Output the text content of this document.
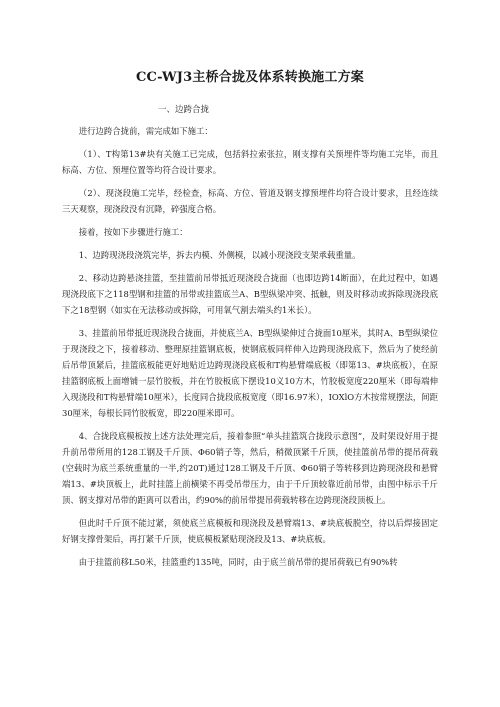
CC-WJ3主桥合拢及体系转换施工方案
一、边跨合拢

进行边跨合拢前，需完成如下施工：

（1）、T构第13#块有关施工已完成，包括斜拉索张拉，刚支撑有关预埋件等均施工完毕，而且标高、方位、预埋位置等均符合设计要求。

（2）、现浇段施工完毕，经检查，标高、方位、管道及钢支撑预埋件均符合设计要求，且经连续三天观察，现浇段没有沉降，碎强度合格。

接着，按如下步骤进行施工：

1、边跨现浇段浇筑完毕，拆去内模、外侧模，以减小现浇段支架承载重量。

2、移动边跨悬浇挂篮，至挂篮前吊带抵近现浇段合拢面（也即边跨14断面），在此过程中，如遇现浇段底下之118型钢和挂篮的吊带或挂篮底兰A、B型纵梁冲突、抵触，则及时移动或拆除现浇段底下之18型钢（如实在无法移动或拆除，可用氧气割去端头约1米长）。

3、挂篮前吊带抵近现浇段合拢面，并使底兰A、B型纵梁伸过合拢面10厘米，其时A、B型纵梁位于现浇段之下，接着移动、整理原挂篮钢底板，使钢底板同样伸入边跨现浇段底下，然后为了使经前后吊带顶紧后，挂篮底板能更好地贴近边跨现浇段底板和T构悬臂端底板（即第13、#块底板），在原挂篮钢底板上面增铺一层竹胶板，并在竹胶板底下摆设10义10方木，竹胶板宽度220厘米（即每端伸入现浇段和T构悬臂端10厘米），长度同合拢段底板宽度（即16.97米），IOXlO方木按常规摆法，间距30厘米，每根长同竹胶板宽，即220厘米即可。

4、合拢段底模板按上述方法处理完后，接着参照“单头挂篮筑合拢段示意图”，及时架设好用于提升前吊带所用的128工钢及千斤顶、Φ60销子等，然后，稍微顶紧千斤顶，使挂篮前吊带的提吊荷载(空载时为底兰系统重量的一半,约20T)通过128工钢及千斤顶、Φ60销子等转移到边跨现浇段和悬臂端13、#块顶板上，此时挂篮上前横梁不再受吊带压力，由于千斤顶较靠近前吊带，由图中标示千斤顶、钢支撑对吊带的距离可以看出，约90%的前吊带提吊荷载转移在边跨现浇段顶板上。

但此时千斤顶不能过紧，须使底兰底模板和现浇段及悬臂端13、#块底板脱空，待以后焊接固定好钢支撑骨架后，再打紧千斤顶，使底模板紧贴现浇段及13、#块底板。

由于挂篮前移L50米，挂篮重约135吨，同时，由于底兰前吊带的提吊荷载已有90%转
